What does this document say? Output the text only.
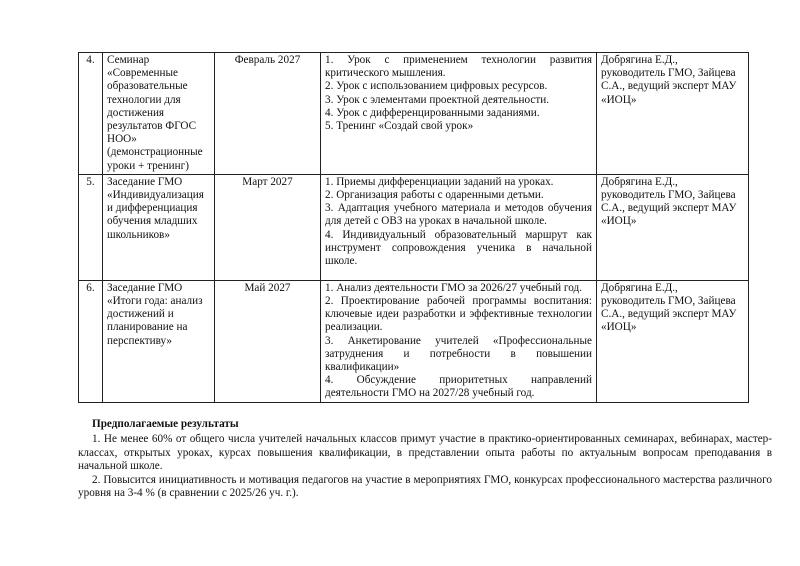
4.	Семинар «Современные образовательные технологии для достижения результатов ФГОС НОО» (демонстрационные уроки + тренинг)	Февраль 2027	1. Урок с применением технологии развития критического мышления.
2. Урок с использованием цифровых ресурсов.
3. Урок с элементами проектной деятельности.
4. Урок с дифференцированными заданиями.
5. Тренинг «Создай свой урок»	Добрягина Е.Д., руководитель ГМО, Зайцева С.А., ведущий эксперт МАУ «ИОЦ»
5.	Заседание ГМО «Индивидуализация и дифференциация обучения младших школьников»	Март 2027	1. Приемы дифференциации заданий на уроках.
2. Организация работы с одаренными детьми.
3. Адаптация учебного материала и методов обучения для детей с ОВЗ на уроках в начальной школе.
4. Индивидуальный образовательный маршрут как инструмент сопровождения ученика в начальной школе.	Добрягина Е.Д., руководитель ГМО, Зайцева С.А., ведущий эксперт МАУ «ИОЦ»
6.	Заседание ГМО «Итоги года: анализ достижений и планирование на перспективу»	Май 2027	1. Анализ деятельности ГМО за 2026/27 учебный год.
2. Проектирование рабочей программы воспитания: ключевые идеи разработки и эффективные технологии реализации.
3. Анкетирование учителей «Профессиональные затруднения и потребности в повышении квалификации»
4. Обсуждение приоритетных направлений деятельности ГМО на 2027/28 учебный год.	Добрягина Е.Д., руководитель ГМО, Зайцева С.А., ведущий эксперт МАУ «ИОЦ»
Предполагаемые результаты

1. Не менее 60% от общего числа учителей начальных классов примут участие в практико-ориентированных семинарах, вебинарах, мастер-классах, открытых уроках, курсах повышения квалификации, в представлении опыта работы по актуальным вопросам преподавания в начальной школе.

2. Повысится инициативность и мотивация педагогов на участие в мероприятиях ГМО, конкурсах профессионального мастерства различного уровня на 3-4 % (в сравнении с 2025/26 уч. г.).
